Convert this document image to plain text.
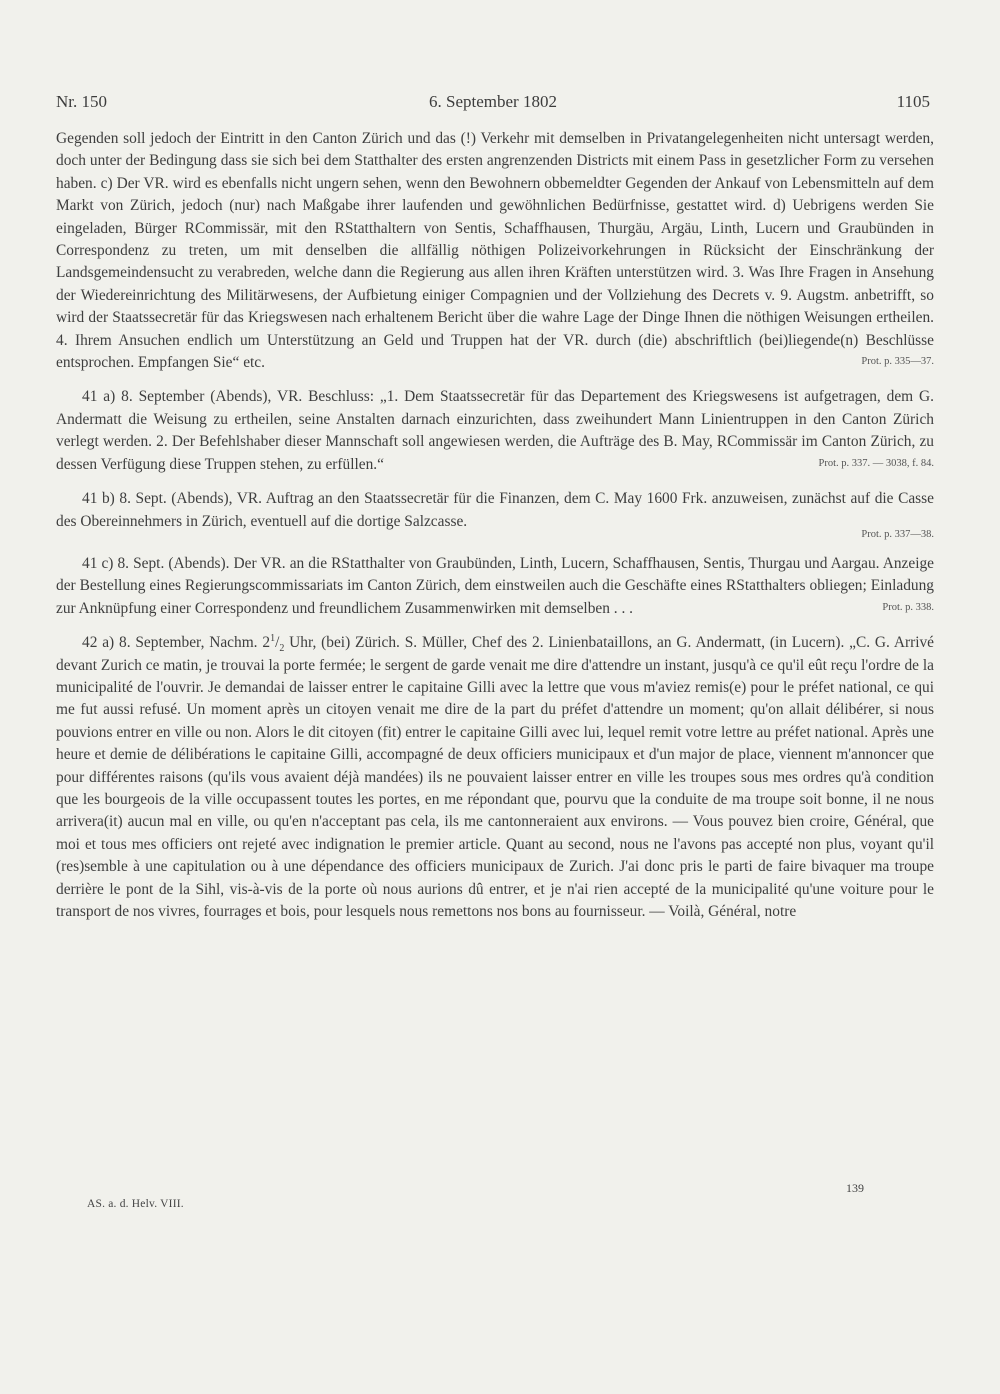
Nr. 150	6. September 1802	1105

Gegenden soll jedoch der Eintritt in den Canton Zürich und das (!) Verkehr mit demselben in Privatangelegenheiten nicht untersagt werden, doch unter der Bedingung dass sie sich bei dem Statthalter des ersten angrenzenden Districts mit einem Pass in gesetzlicher Form zu versehen haben. c) Der VR. wird es ebenfalls nicht ungern sehen, wenn den Bewohnern obbemeldter Gegenden der Ankauf von Lebensmitteln auf dem Markt von Zürich, jedoch (nur) nach Maßgabe ihrer laufenden und gewöhnlichen Bedürfnisse, gestattet wird. d) Uebrigens werden Sie eingeladen, Bürger RCommissär, mit den RStatthaltern von Sentis, Schaffhausen, Thurgäu, Argäu, Linth, Lucern und Graubünden in Correspondenz zu treten, um mit denselben die allfällig nöthigen Polizeivorkehrungen in Rücksicht der Einschränkung der Landsgemeindensucht zu verabreden, welche dann die Regierung aus allen ihren Kräften unterstützen wird. 3. Was Ihre Fragen in Ansehung der Wiedereinrichtung des Militärwesens, der Aufbietung einiger Compagnien und der Vollziehung des Decrets v. 9. Augstm. anbetrifft, so wird der Staatssecretär für das Kriegswesen nach erhaltenem Bericht über die wahre Lage der Dinge Ihnen die nöthigen Weisungen ertheilen. 4. Ihrem Ansuchen endlich um Unterstützung an Geld und Truppen hat der VR. durch (die) abschriftlich (bei)liegende(n) Beschlüsse entsprochen. Empfangen Sie“ etc.	Prot. p. 335—37.

41 a) 8. September (Abends), VR. Beschluss: „1. Dem Staatssecretär für das Departement des Kriegswesens ist aufgetragen, dem G. Andermatt die Weisung zu ertheilen, seine Anstalten darnach einzurichten, dass zweihundert Mann Linientruppen in den Canton Zürich verlegt werden. 2. Der Befehlshaber dieser Mannschaft soll angewiesen werden, die Aufträge des B. May, RCommissär im Canton Zürich, zu dessen Verfügung diese Truppen stehen, zu erfüllen.“	Prot. p. 337. — 3038, f. 84.

41 b) 8. Sept. (Abends), VR. Auftrag an den Staatssecretär für die Finanzen, dem C. May 1600 Frk. anzuweisen, zunächst auf die Casse des Obereinnehmers in Zürich, eventuell auf die dortige Salzcasse.

Prot. p. 337—38.

41 c) 8. Sept. (Abends). Der VR. an die RStatthalter von Graubünden, Linth, Lucern, Schaffhausen, Sentis, Thurgau und Aargau. Anzeige der Bestellung eines Regierungscommissariats im Canton Zürich, dem einstweilen auch die Geschäfte eines RStatthalters obliegen; Einladung zur Anknüpfung einer Correspondenz und freundlichem Zusammenwirken mit demselben . . .	Prot. p. 338.

42 a) 8. September, Nachm. $2^1/_2$ Uhr, (bei) Zürich. S. Müller, Chef des 2. Linienbataillons, an G. Andermatt, (in Lucern). „C. G. Arrivé devant Zurich ce matin, je trouvai la porte fermée; le sergent de garde venait me dire d'attendre un instant, jusqu'à ce qu'il eût reçu l'ordre de la municipalité de l'ouvrir. Je demandai de laisser entrer le capitaine Gilli avec la lettre que vous m'aviez remis(e) pour le préfet national, ce qui me fut aussi refusé. Un moment après un citoyen venait me dire de la part du préfet d'attendre un moment; qu'on allait délibérer, si nous pouvions entrer en ville ou non. Alors le dit citoyen (fit) entrer le capitaine Gilli avec lui, lequel remit votre lettre au préfet national. Après une heure et demie de délibérations le capitaine Gilli, accompagné de deux officiers municipaux et d'un major de place, viennent m'annoncer que pour différentes raisons (qu'ils vous avaient déjà mandées) ils ne pouvaient laisser entrer en ville les troupes sous mes ordres qu'à condition que les bourgeois de la ville occupassent toutes les portes, en me répondant que, pourvu que la conduite de ma troupe soit bonne, il ne nous arrivera(it) aucun mal en ville, ou qu'en n'acceptant pas cela, ils me cantonneraient aux environs. — Vous pouvez bien croire, Général, que moi et tous mes officiers ont rejeté avec indignation le premier article. Quant au second, nous ne l'avons pas accepté non plus, voyant qu'il (res)semble à une capitulation ou à une dépendance des officiers municipaux de Zurich. J'ai donc pris le parti de faire bivaquer ma troupe derrière le pont de la Sihl, vis-à-vis de la porte où nous aurions dû entrer, et je n'ai rien accepté de la municipalité qu'une voiture pour le transport de nos vivres, fourrages et bois, pour lesquels nous remettons nos bons au fournisseur. — Voilà, Général, notre

139
AS. a. d. Helv. VIII.
